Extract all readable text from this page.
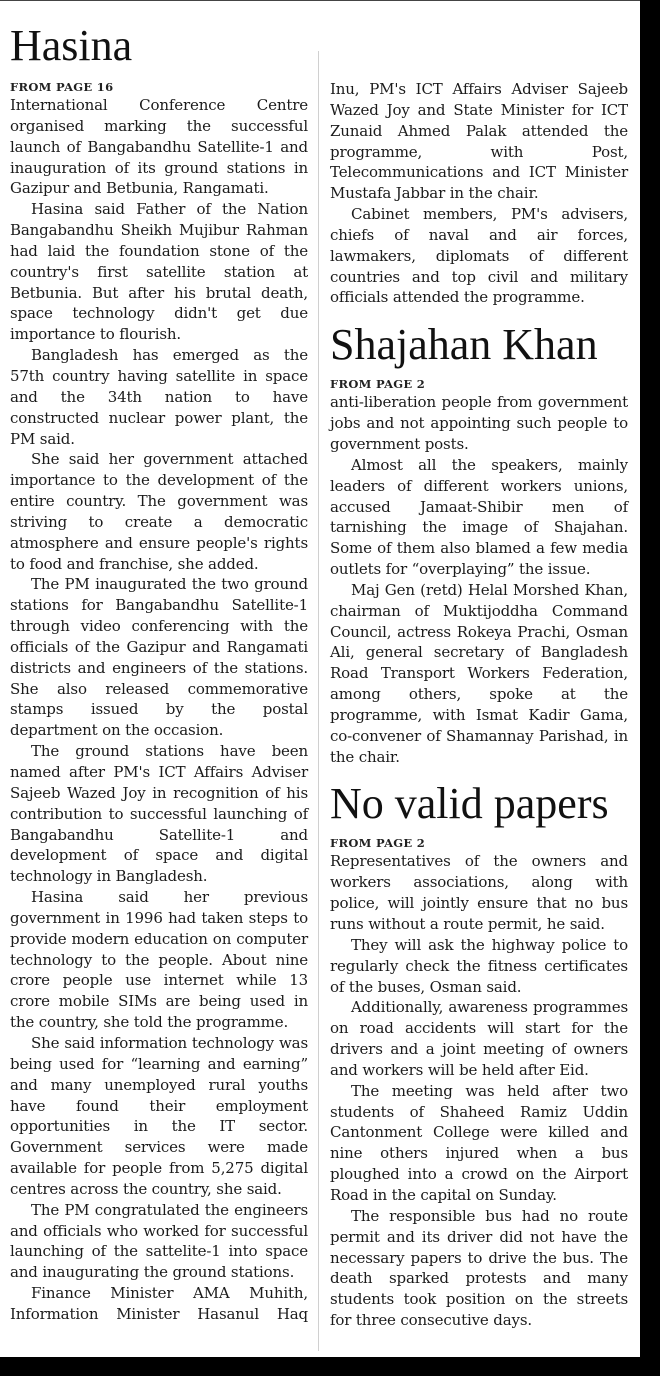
Hasina
FROM PAGE 16

International Conference Centre organised marking the successful launch of Bangabandhu Satellite-1 and inauguration of its ground stations in Gazipur and Betbunia, Rangamati.

Hasina said Father of the Nation Bangabandhu Sheikh Mujibur Rahman had laid the foundation stone of the country's first satellite station at Betbunia. But after his brutal death, space technology didn't get due importance to flourish.

Bangladesh has emerged as the 57th country having satellite in space and the 34th nation to have constructed nuclear power plant, the PM said.

She said her government attached importance to the development of the entire country. The government was striving to create a democratic atmosphere and ensure people's rights to food and franchise, she added.

The PM inaugurated the two ground stations for Bangabandhu Satellite-1 through video conferencing with the officials of the Gazipur and Rangamati districts and engineers of the stations. She also released commemorative stamps issued by the postal department on the occasion.

The ground stations have been named after PM's ICT Affairs Adviser Sajeeb Wazed Joy in recognition of his contribution to successful launching of Bangabandhu Satellite-1 and development of space and digital technology in Bangladesh.

Hasina said her previous government in 1996 had taken steps to provide modern education on computer technology to the people. About nine crore people use internet while 13 crore mobile SIMs are being used in the country, she told the programme.

She said information technology was being used for “learning and earning” and many unemployed rural youths have found their employment opportunities in the IT sector. Government services were made available for people from 5,275 digital centres across the country, she said.

The PM congratulated the engineers and officials who worked for successful launching of the sattelite-1 into space and inaugurating the ground stations.

Finance Minister AMA Muhith, Information Minister Hasanul Haq

Inu, PM's ICT Affairs Adviser Sajeeb Wazed Joy and State Minister for ICT Zunaid Ahmed Palak attended the programme, with Post, Telecommunications and ICT Minister Mustafa Jabbar in the chair.

Cabinet members, PM's advisers, chiefs of naval and air forces, lawmakers, diplomats of different countries and top civil and military officials attended the programme.

Shajahan Khan
FROM PAGE 2

anti-liberation people from government jobs and not appointing such people to government posts.

Almost all the speakers, mainly leaders of different workers unions, accused Jamaat-Shibir men of tarnishing the image of Shajahan. Some of them also blamed a few media outlets for “overplaying” the issue.

Maj Gen (retd) Helal Morshed Khan, chairman of Muktijoddha Command Council, actress Rokeya Prachi, Osman Ali, general secretary of Bangladesh Road Transport Workers Federation, among others, spoke at the programme, with Ismat Kadir Gama, co-convener of Shamannay Parishad, in the chair.

No valid papers
FROM PAGE 2

Representatives of the owners and workers associations, along with police, will jointly ensure that no bus runs without a route permit, he said.

They will ask the highway police to regularly check the fitness certificates of the buses, Osman said.

Additionally, awareness programmes on road accidents will start for the drivers and a joint meeting of owners and workers will be held after Eid.

The meeting was held after two students of Shaheed Ramiz Uddin Cantonment College were killed and nine others injured when a bus ploughed into a crowd on the Airport Road in the capital on Sunday.

The responsible bus had no route permit and its driver did not have the necessary papers to drive the bus. The death sparked protests and many students took position on the streets for three consecutive days.
